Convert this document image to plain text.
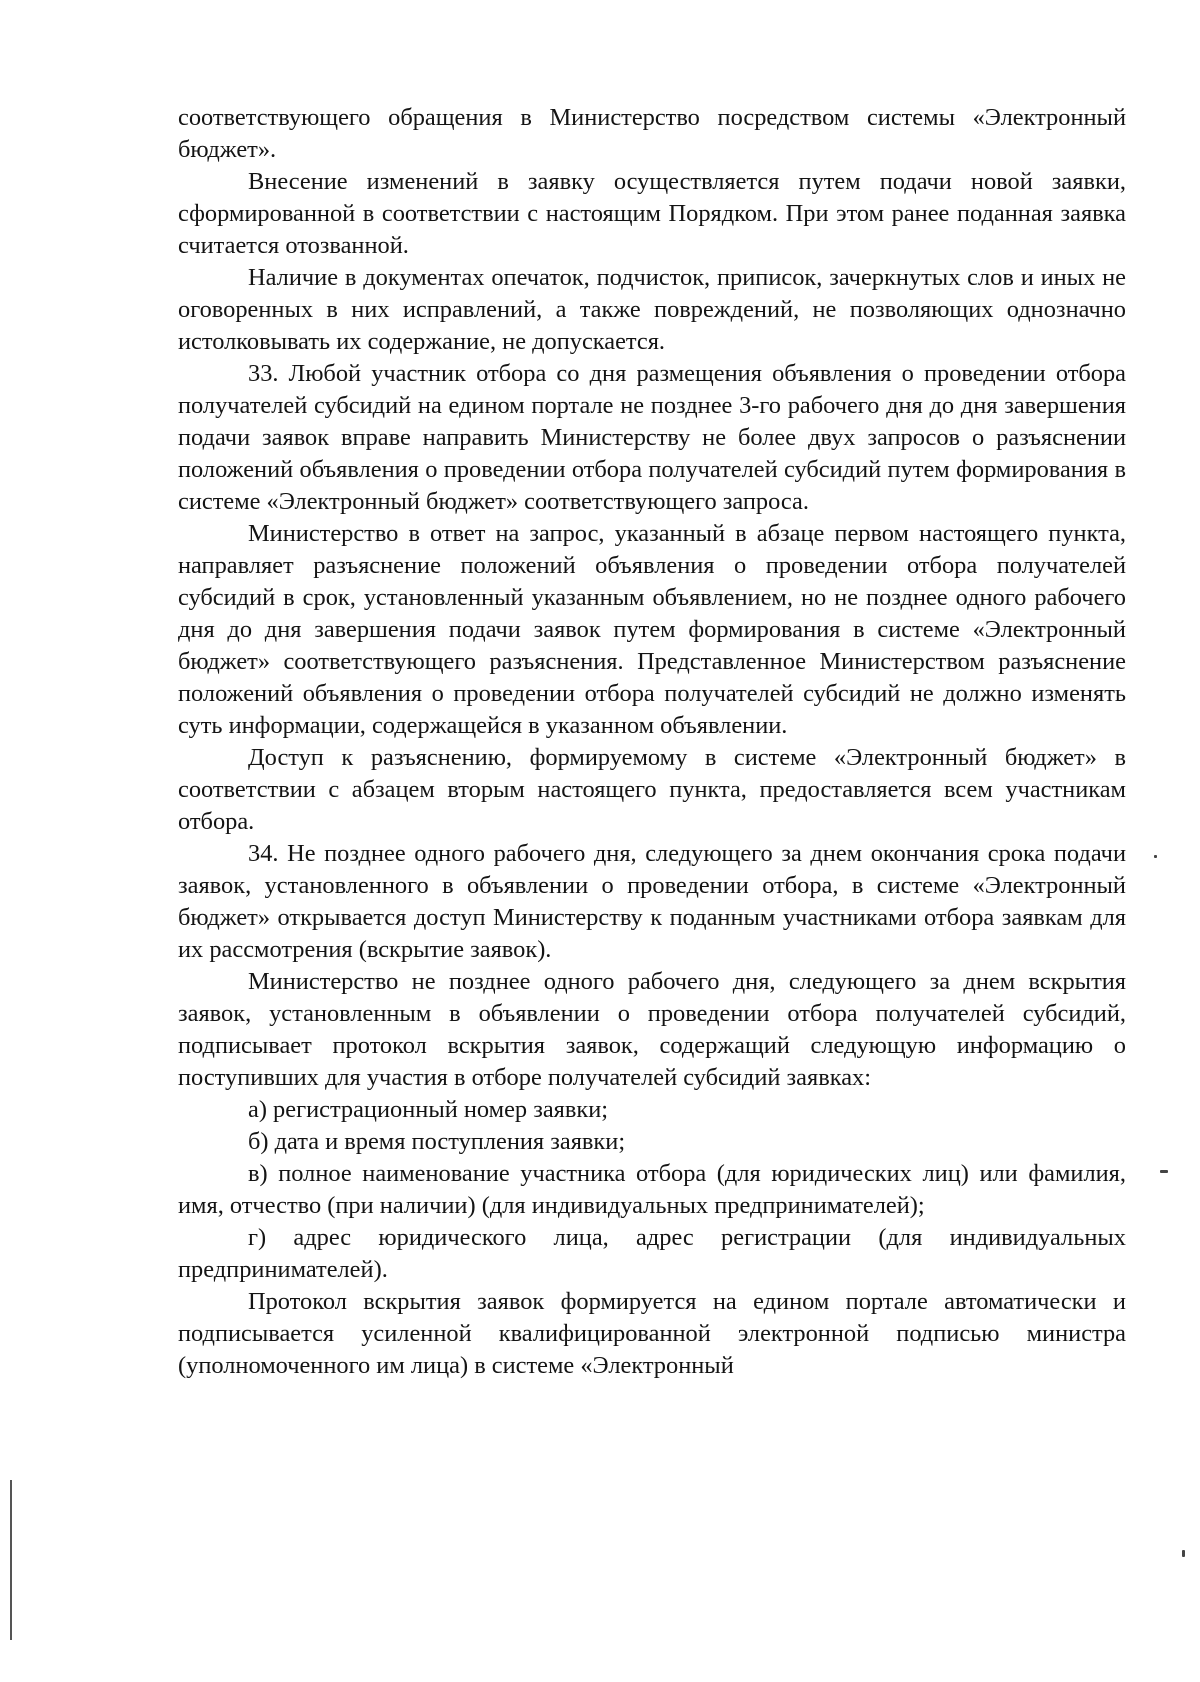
соответствующего обращения в Министерство посредством системы «Электронный бюджет».

Внесение изменений в заявку осуществляется путем подачи новой заявки, сформированной в соответствии с настоящим Порядком. При этом ранее поданная заявка считается отозванной.

Наличие в документах опечаток, подчисток, приписок, зачеркнутых слов и иных не оговоренных в них исправлений, а также повреждений, не позволяющих однозначно истолковывать их содержание, не допускается.

33. Любой участник отбора со дня размещения объявления о проведении отбора получателей субсидий на едином портале не позднее 3-го рабочего дня до дня завершения подачи заявок вправе направить Министерству не более двух запросов о разъяснении положений объявления о проведении отбора получателей субсидий путем формирования в системе «Электронный бюджет» соответствующего запроса.

Министерство в ответ на запрос, указанный в абзаце первом настоящего пункта, направляет разъяснение положений объявления о проведении отбора получателей субсидий в срок, установленный указанным объявлением, но не позднее одного рабочего дня до дня завершения подачи заявок путем формирования в системе «Электронный бюджет» соответствующего разъяснения. Представленное Министерством разъяснение положений объявления о проведении отбора получателей субсидий не должно изменять суть информации, содержащейся в указанном объявлении.

Доступ к разъяснению, формируемому в системе «Электронный бюджет» в соответствии с абзацем вторым настоящего пункта, предоставляется всем участникам отбора.

34. Не позднее одного рабочего дня, следующего за днем окончания срока подачи заявок, установленного в объявлении о проведении отбора, в системе «Электронный бюджет» открывается доступ Министерству к поданным участниками отбора заявкам для их рассмотрения (вскрытие заявок).

Министерство не позднее одного рабочего дня, следующего за днем вскрытия заявок, установленным в объявлении о проведении отбора получателей субсидий, подписывает протокол вскрытия заявок, содержащий следующую информацию о поступивших для участия в отборе получателей субсидий заявках:

а) регистрационный номер заявки;

б) дата и время поступления заявки;

в) полное наименование участника отбора (для юридических лиц) или фамилия, имя, отчество (при наличии) (для индивидуальных предпринимателей);

г) адрес юридического лица, адрес регистрации (для индивидуальных предпринимателей).

Протокол вскрытия заявок формируется на едином портале автоматически и подписывается усиленной квалифицированной электронной подписью министра (уполномоченного им лица) в системе «Электронный
